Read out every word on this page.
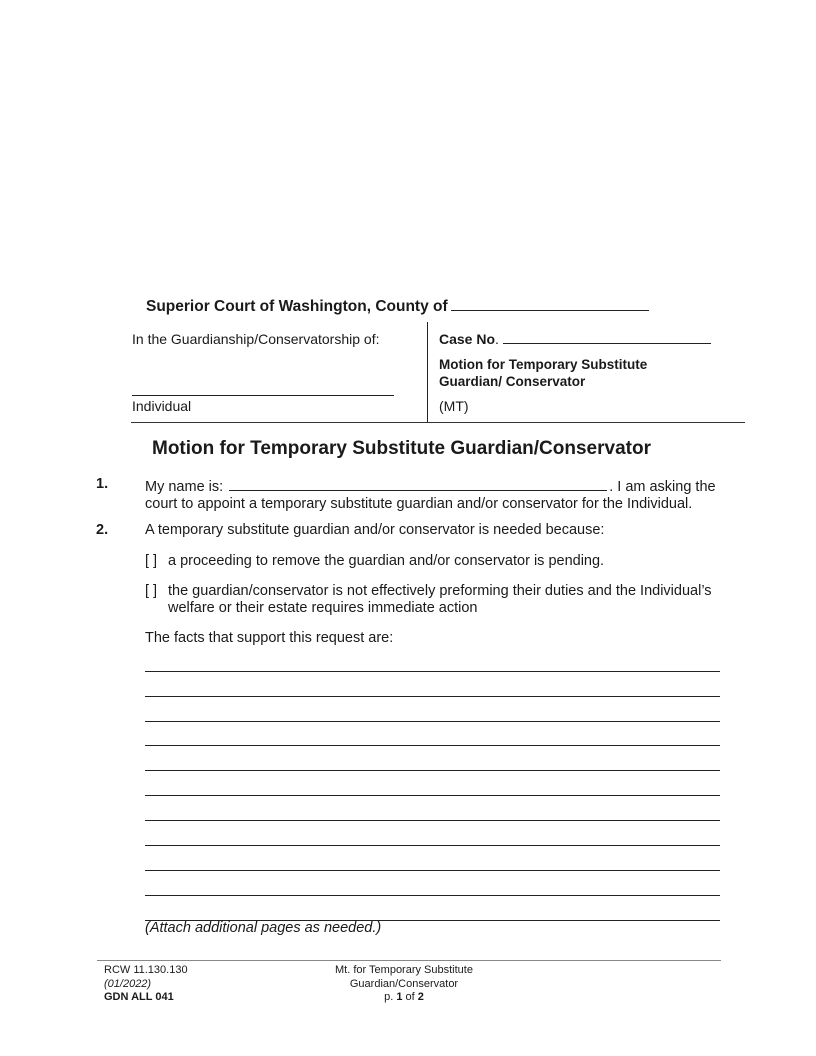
Superior Court of Washington, County of
In the Guardianship/Conservatorship of:
Individual
Case No.
Motion for Temporary Substitute
Guardian/ Conservator
(MT)
Motion for Temporary Substitute Guardian/Conservator
1.	My name is:	. I am asking the
court to appoint a temporary substitute guardian and/or conservator for the Individual.
2.	A temporary substitute guardian and/or conservator is needed because:
[ ] a proceeding to remove the guardian and/or conservator is pending.
[ ] the guardian/conservator is not effectively preforming their duties and the Individual’s
welfare or their estate requires immediate action
The facts that support this request are:
(Attach additional pages as needed.)
RCW 11.130.130
(01/2022)
GDN ALL 041
Mt. for Temporary Substitute
Guardian/Conservator
p. 1 of 2
